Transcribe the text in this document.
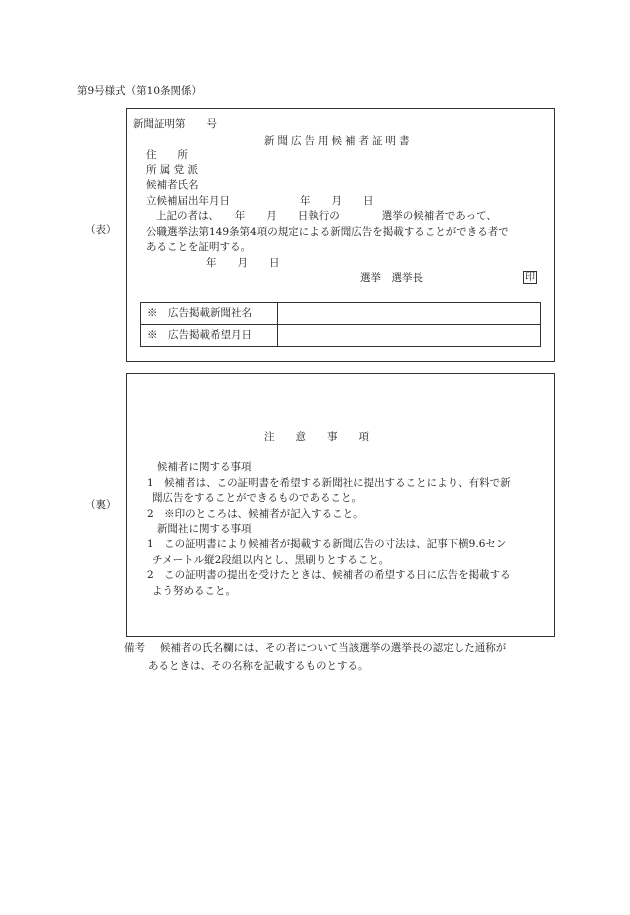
第9号様式（第10条関係）
（表）
新聞証明第　　号
新聞広告用候補者証明書
住　　所
所 属 党 派
候補者氏名
立候補届出年月日	年　　月　　日
上記の者は、　　年　　月　　日執行の　　　　選挙の候補者であって、
公職選挙法第149条第4項の規定による新聞広告を掲載することができる者で
あることを証明する。
年　　月　　日
選挙　選挙長	印
※　広告掲載新聞社名	
※　広告掲載希望月日	
（裏）
注　　意　　事　　項
候補者に関する事項
1　候補者は、この証明書を希望する新聞社に提出することにより、有料で新
聞広告をすることができるものであること。
2　※印のところは、候補者が記入すること。
新聞社に関する事項
1　この証明書により候補者が掲載する新聞広告の寸法は、記事下横9.6セン
チメートル縦2段組以内とし、黒刷りとすること。
2　この証明書の提出を受けたときは、候補者の希望する日に広告を掲載する
よう努めること。
備考 候補者の氏名欄には、その者について当該選挙の選挙長の認定した通称が
あるときは、その名称を記載するものとする。
